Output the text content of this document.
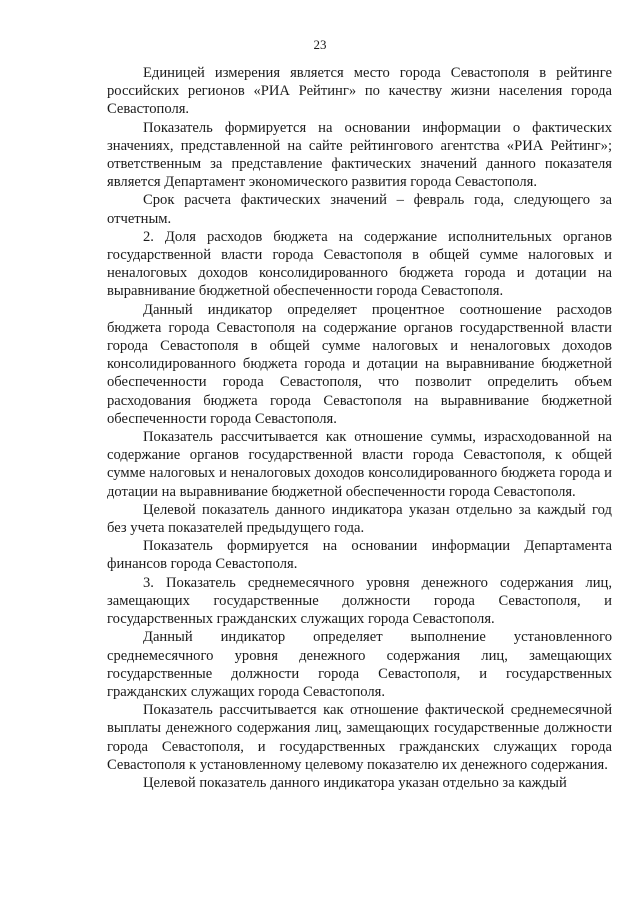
23

Единицей измерения является место города Севастополя в рейтинге российских регионов «РИА Рейтинг» по качеству жизни населения города Севастополя.

Показатель формируется на основании информации о фактических значениях, представленной на сайте рейтингового агентства «РИА Рейтинг»; ответственным за представление фактических значений данного показателя является Департамент экономического развития города Севастополя.

Срок расчета фактических значений – февраль года, следующего за отчетным.

2. Доля расходов бюджета на содержание исполнительных органов государственной власти города Севастополя в общей сумме налоговых и неналоговых доходов консолидированного бюджета города и дотации на выравнивание бюджетной обеспеченности города Севастополя.

Данный индикатор определяет процентное соотношение расходов бюджета города Севастополя на содержание органов государственной власти города Севастополя в общей сумме налоговых и неналоговых доходов консолидированного бюджета города и дотации на выравнивание бюджетной обеспеченности города Севастополя, что позволит определить объем расходования бюджета города Севастополя на выравнивание бюджетной обеспеченности города Севастополя.

Показатель рассчитывается как отношение суммы, израсходованной на содержание органов государственной власти города Севастополя, к общей сумме налоговых и неналоговых доходов консолидированного бюджета города и дотации на выравнивание бюджетной обеспеченности города Севастополя.

Целевой показатель данного индикатора указан отдельно за каждый год без учета показателей предыдущего года.

Показатель формируется на основании информации Департамента финансов города Севастополя.

3. Показатель среднемесячного уровня денежного содержания лиц, замещающих государственные должности города Севастополя, и государственных гражданских служащих города Севастополя.

Данный индикатор определяет выполнение установленного среднемесячного уровня денежного содержания лиц, замещающих государственные должности города Севастополя, и государственных гражданских служащих города Севастополя.

Показатель рассчитывается как отношение фактической среднемесячной выплаты денежного содержания лиц, замещающих государственные должности города Севастополя, и государственных гражданских служащих города Севастополя к установленному целевому показателю их денежного содержания.

Целевой показатель данного индикатора указан отдельно за каждый
